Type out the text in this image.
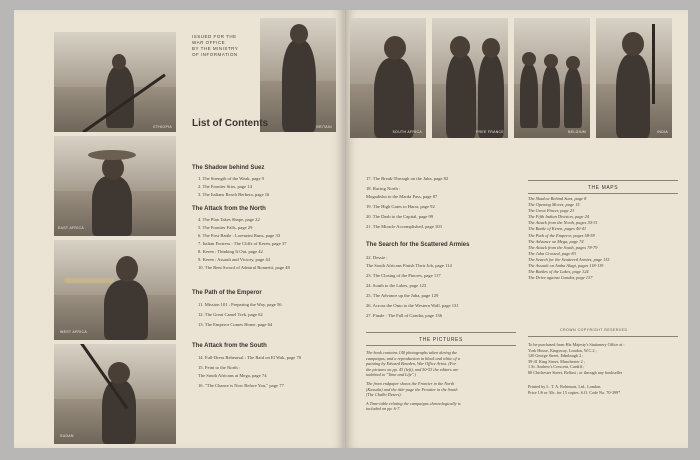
ETHIOPIA	BRITAIN
ISSUED FOR THE
WAR OFFICE
BY THE MINISTRY
OF INFORMATION
List of Contents
EAST AFRICA
WEST AFRICA
SUDAN
The Shadow behind Suez
1. The Strength of the Weak, page 9
2. The Frontier Stirs, page 14
3. The Italians Reach Berbera, page 16
The Attack from the North
4. The Plan Takes Shape, page 22
5. The Frontier Falls, page 29
6. The First Battle : Lorenzini Runs, page 33
7. Italian Fortress : The Cliffs of Keren, page 37
8. Keren : Thinking It Out, page 42
9. Keren : Assault and Victory, page 44
10. The Bent Sword of Admiral Bonnetti, page 48
The Path of the Emperor
11. Mission 101 : Preparing the Way, page 56
12. The Great Camel Trek, page 62
13. The Emperor Comes Home, page 64
The Attack from the South
14. Full-Dress Rehearsal : The Raid on El Wak, page 70
15. Feint to the North :
The South Africans at Mega, page 74
16. "The Chance is Now Before You," page 77
SOUTH AFRICA	FREE FRANCE	BELGIUM	INDIA
17. The Break-Through on the Juba, page 82
18. Racing North :
Mogadishu to the Marda Pass, page 87
19. The High Gates to Harar, page 92
20. The Dash to the Capital, page 99
21. The Miracle Accomplished, page 103
The Search for the Scattered Armies
22. Dessie :
The South Africans Finish Their Job, page 114
23. The Closing of the Pincers, page 117
24. South to the Lakes, page 123
25. The Advance up the Juba, page 129
26. Across the Omo to the Western Wall, page 131
27. Finale : The Fall of Gondar, page 136
THE PICTURES
The book contains 140 photographs taken during the
campaigns, and a reproduction in black and white of a
painting by Edward Bawden, War Office Artist. (For
the pictures on pp. 43 (left), and 50-53 the editors are
indebted to "Time and Life".)
The front endpaper shows the Frontier in the North
(Kassala) and the title-page the Frontier in the South
(The Chalbi Desert).
A Time-table relating the campaigns chronologically is
included on pp. 6-7.
THE MAPS
The Shadow Behind Suez, page 8
The Opening Moves, page 15
The Great Pincer, page 23
The Fifth Indian Division, page 24
The Attack from the North, pages 30-31
The Battle of Keren, pages 40-41
The Path of the Emperor, pages 58-59
The Advance on Mega, page 74
The Attack from the South, pages 78-79
The Juba Crossed, page 83
The Search for the Scattered Armies, page 115
The Assault on Amba Alagi, pages 118-119
The Battles of the Lakes, page 124
The Drive against Gondar, page 137
CROWN COPYRIGHT RESERVED
To be purchased from His Majesty's Stationery Office at :
York House, Kingsway, London, W.C.2 ;
120 George Street, Edinburgh 2 ;
39-41 King Street, Manchester 2 ;
1 St. Andrew's Crescent, Cardiff ;
80 Chichester Street, Belfast ; or through any bookseller
Printed by L. T. A. Robinson, Ltd., London.
Price 1/6 or 30c. for 15 copies. S.O. Code No. 70-399*
